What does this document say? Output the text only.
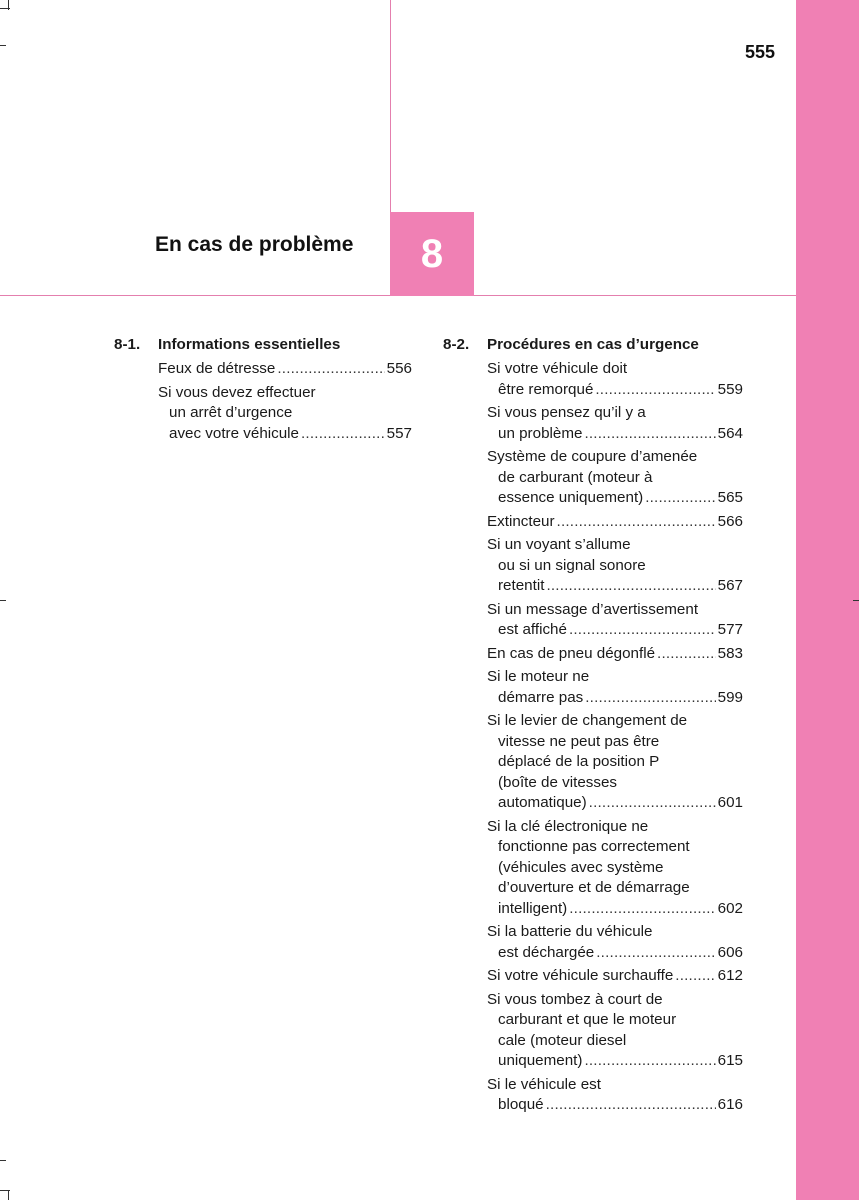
555
En cas de problème 8
8-1. Informations essentielles
Feux de détresse .....	556
Si vous devez effectuer
un arrêt d’urgence
avec votre véhicule .....	557
8-2. Procédures en cas d’urgence
Si votre véhicule doit
être remorqué .....	559
Si vous pensez qu’il y a
un problème .....	564
Système de coupure d’amenée
de carburant (moteur à
essence uniquement) .....	565
Extincteur .....	566
Si un voyant s’allume
ou si un signal sonore
retentit .....	567
Si un message d’avertissement
est affiché .....	577
En cas de pneu dégonflé .....	583
Si le moteur ne
démarre pas .....	599
Si le levier de changement de
vitesse ne peut pas être
déplacé de la position P
(boîte de vitesses
automatique) .....	601
Si la clé électronique ne
fonctionne pas correctement
(véhicules avec système
d’ouverture et de démarrage
intelligent) .....	602
Si la batterie du véhicule
est déchargée .....	606
Si votre véhicule surchauffe .....	612
Si vous tombez à court de
carburant et que le moteur
cale (moteur diesel
uniquement) .....	615
Si le véhicule est
bloqué .....	616
